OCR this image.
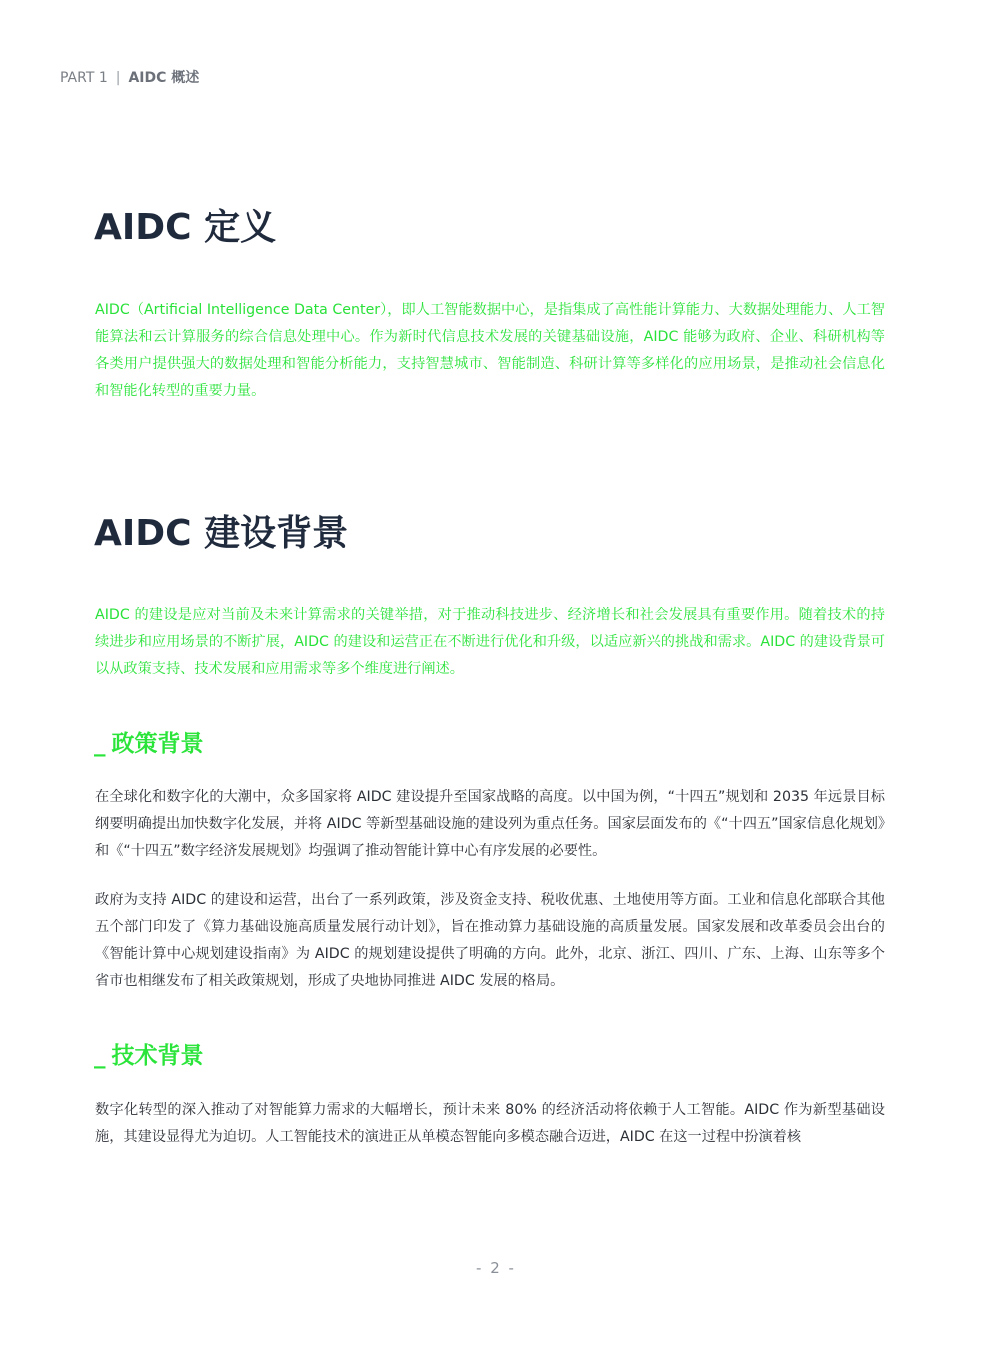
PART 1 | AIDC 概述
AIDC 定义

AIDC（Artificial Intelligence Data Center），即人工智能数据中心，是指集成了高性能计算能力、大数据处理能力、人工智能算法和云计算服务的综合信息处理中心。作为新时代信息技术发展的关键基础设施，AIDC 能够为政府、企业、科研机构等各类用户提供强大的数据处理和智能分析能力，支持智慧城市、智能制造、科研计算等多样化的应用场景，是推动社会信息化和智能化转型的重要力量。

AIDC 建设背景

AIDC 的建设是应对当前及未来计算需求的关键举措，对于推动科技进步、经济增长和社会发展具有重要作用。随着技术的持续进步和应用场景的不断扩展，AIDC 的建设和运营正在不断进行优化和升级，以适应新兴的挑战和需求。AIDC 的建设背景可以从政策支持、技术发展和应用需求等多个维度进行阐述。

_ 政策背景

在全球化和数字化的大潮中，众多国家将 AIDC 建设提升至国家战略的高度。以中国为例，“十四五”规划和 2035 年远景目标纲要明确提出加快数字化发展，并将 AIDC 等新型基础设施的建设列为重点任务。国家层面发布的《“十四五”国家信息化规划》和《“十四五”数字经济发展规划》均强调了推动智能计算中心有序发展的必要性。

政府为支持 AIDC 的建设和运营，出台了一系列政策，涉及资金支持、税收优惠、土地使用等方面。工业和信息化部联合其他五个部门印发了《算力基础设施高质量发展行动计划》，旨在推动算力基础设施的高质量发展。国家发展和改革委员会出台的《智能计算中心规划建设指南》为 AIDC 的规划建设提供了明确的方向。此外，北京、浙江、四川、广东、上海、山东等多个省市也相继发布了相关政策规划，形成了央地协同推进 AIDC 发展的格局。

_ 技术背景

数字化转型的深入推动了对智能算力需求的大幅增长，预计未来 80% 的经济活动将依赖于人工智能。AIDC 作为新型基础设施，其建设显得尤为迫切。人工智能技术的演进正从单模态智能向多模态融合迈进，AIDC 在这一过程中扮演着核

- 2 -
